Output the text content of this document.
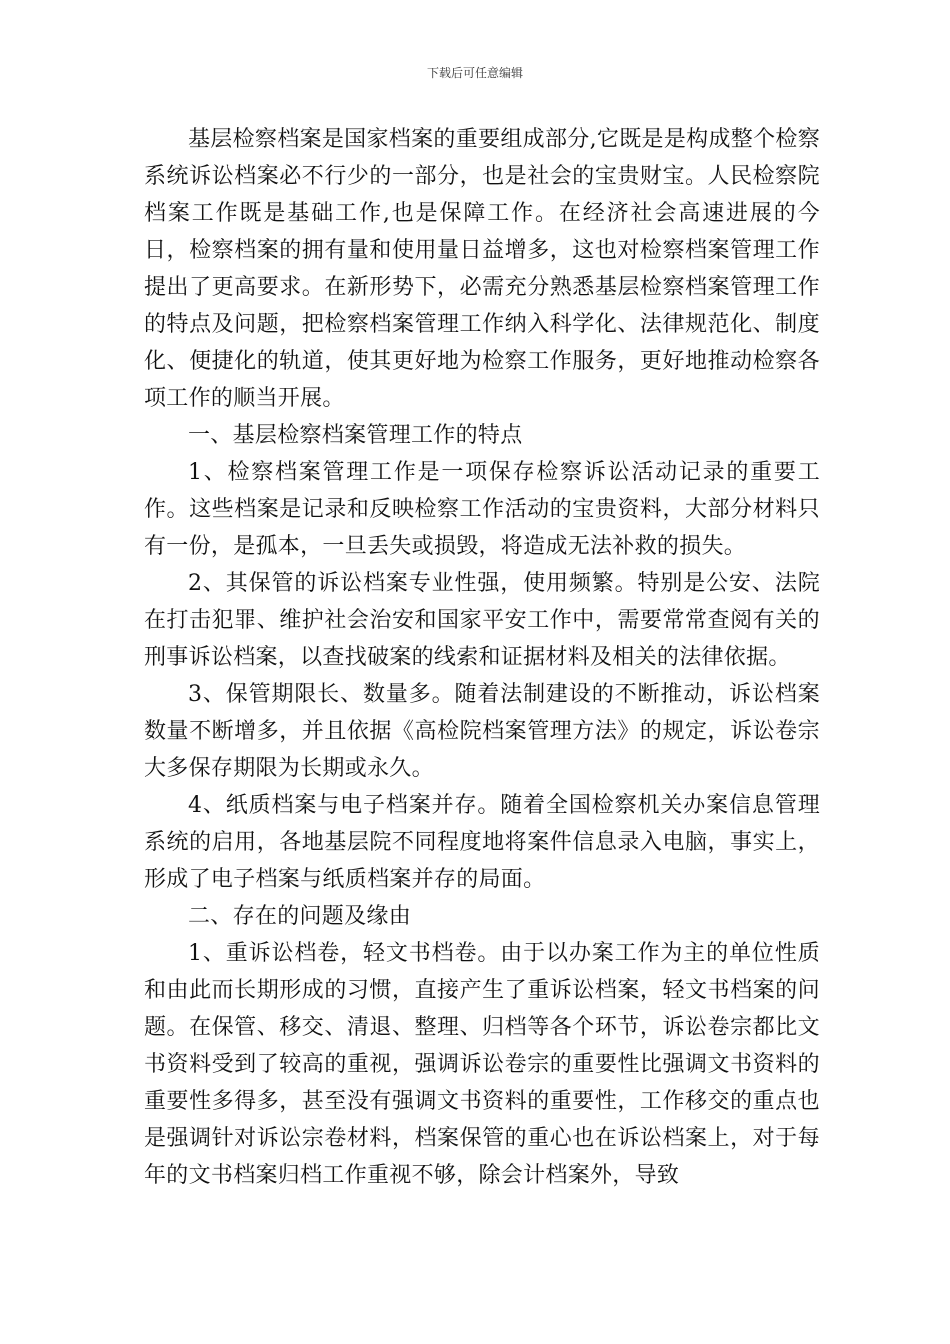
下载后可任意编辑

基层检察档案是国家档案的重要组成部分,它既是是构成整个检察系统诉讼档案必不行少的一部分，也是社会的宝贵财宝。人民检察院档案工作既是基础工作,也是保障工作。在经济社会高速进展的今日，检察档案的拥有量和使用量日益增多，这也对检察档案管理工作提出了更高要求。在新形势下，必需充分熟悉基层检察档案管理工作的特点及问题，把检察档案管理工作纳入科学化、法律规范化、制度化、便捷化的轨道，使其更好地为检察工作服务，更好地推动检察各项工作的顺当开展。

一、基层检察档案管理工作的特点

1、检察档案管理工作是一项保存检察诉讼活动记录的重要工作。这些档案是记录和反映检察工作活动的宝贵资料，大部分材料只有一份，是孤本，一旦丢失或损毁，将造成无法补救的损失。

2、其保管的诉讼档案专业性强，使用频繁。特别是公安、法院在打击犯罪、维护社会治安和国家平安工作中，需要常常查阅有关的刑事诉讼档案，以查找破案的线索和证据材料及相关的法律依据。

3、保管期限长、数量多。随着法制建设的不断推动，诉讼档案数量不断增多，并且依据《高检院档案管理方法》的规定，诉讼卷宗大多保存期限为长期或永久。

4、纸质档案与电子档案并存。随着全国检察机关办案信息管理系统的启用，各地基层院不同程度地将案件信息录入电脑，事实上，形成了电子档案与纸质档案并存的局面。

二、存在的问题及缘由

1、重诉讼档卷，轻文书档卷。由于以办案工作为主的单位性质和由此而长期形成的习惯，直接产生了重诉讼档案，轻文书档案的问题。在保管、移交、清退、整理、归档等各个环节，诉讼卷宗都比文书资料受到了较高的重视，强调诉讼卷宗的重要性比强调文书资料的重要性多得多，甚至没有强调文书资料的重要性，工作移交的重点也是强调针对诉讼宗卷材料，档案保管的重心也在诉讼档案上，对于每年的文书档案归档工作重视不够，除会计档案外，导致
